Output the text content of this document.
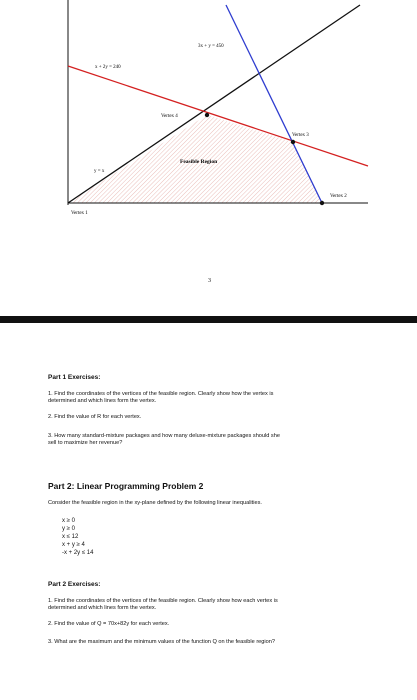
3x + y = 450
x + 2y = 240
y = x
Vertex 4
Vertex 3
Vertex 2
Vertex 1
Feasible Region
3
Part 1 Exercises:
1. Find the coordinates of the vertices of the feasible region. Clearly show how the vertex is
determined and which lines form the vertex.
2. Find the value of R for each vertex.
3. How many standard-mixture packages and how many deluxe-mixture packages should she
sell to maximize her revenue?
Part 2: Linear Programming Problem 2
Consider the feasible region in the xy-plane defined by the following linear inequalities.
x ≥ 0
y ≥ 0
x ≤ 12
x + y ≥ 4
-x + 2y ≤ 14
Part 2 Exercises:
1. Find the coordinates of the vertices of the feasible region. Clearly show how each vertex is
determined and which lines form the vertex.
2. Find the value of Q = 70x+82y for each vertex.
3. What are the maximum and the minimum values of the function Q on the feasible region?
